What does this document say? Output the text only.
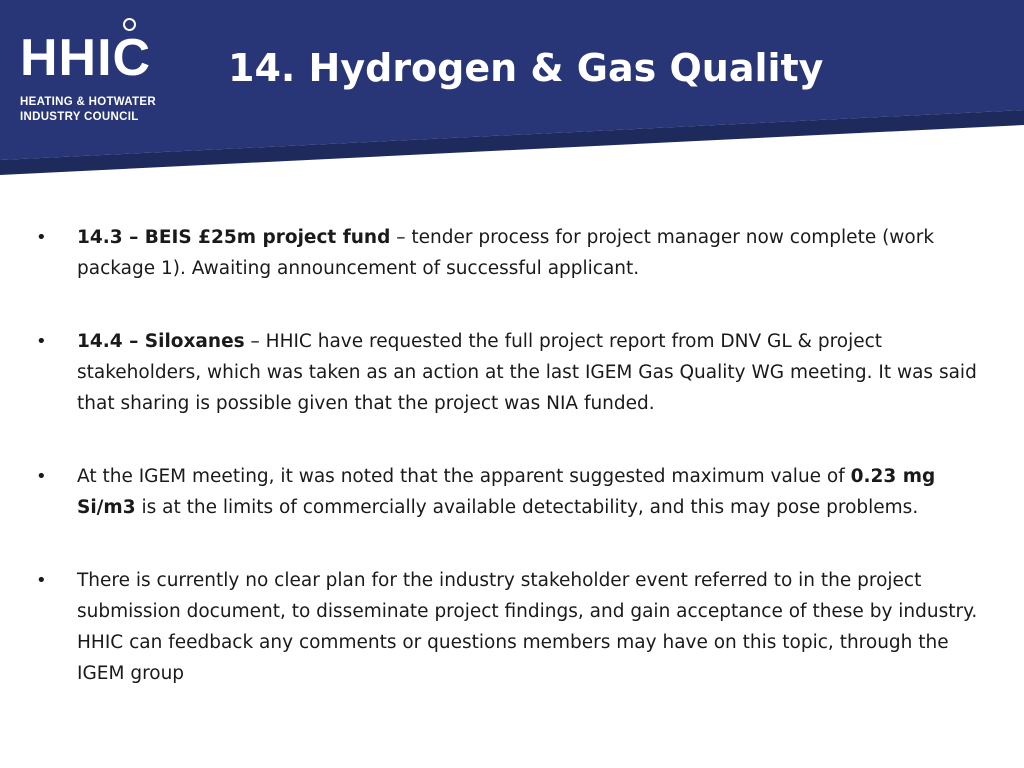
HHIC
HEATING & HOTWATER
INDUSTRY COUNCIL
14. Hydrogen & Gas Quality
• 14.3 – BEIS £25m project fund – tender process for project manager now complete (work package 1). Awaiting announcement of successful applicant.
• 14.4 – Siloxanes – HHIC have requested the full project report from DNV GL & project stakeholders, which was taken as an action at the last IGEM Gas Quality WG meeting. It was said that sharing is possible given that the project was NIA funded.
• At the IGEM meeting, it was noted that the apparent suggested maximum value of 0.23 mg Si/m3 is at the limits of commercially available detectability, and this may pose problems.
• There is currently no clear plan for the industry stakeholder event referred to in the project submission document, to disseminate project findings, and gain acceptance of these by industry. HHIC can feedback any comments or questions members may have on this topic, through the IGEM group
